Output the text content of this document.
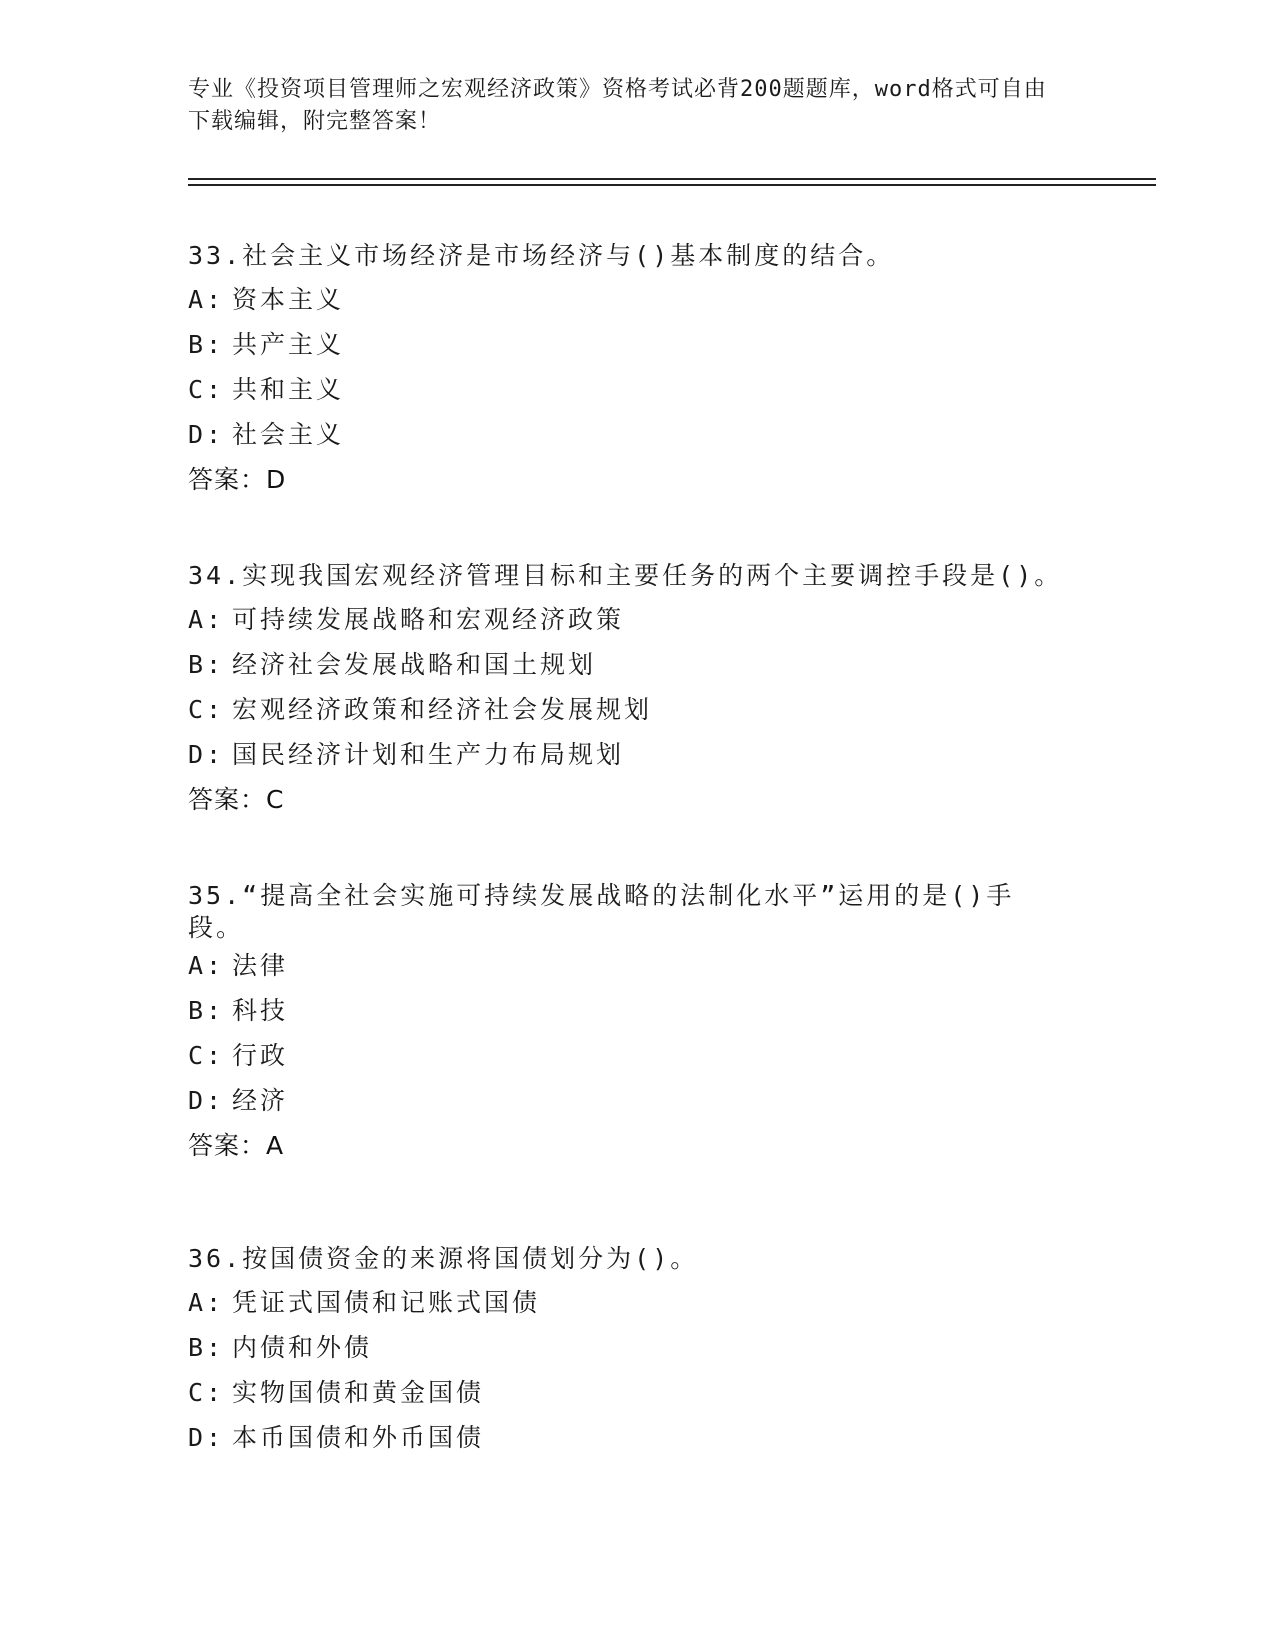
专业《投资项目管理师之宏观经济政策》资格考试必背200题题库，word格式可自由下载编辑，附完整答案！
33.社会主义市场经济是市场经济与()基本制度的结合。
A: 资本主义
B: 共产主义
C: 共和主义
D: 社会主义
答案：D
34.实现我国宏观经济管理目标和主要任务的两个主要调控手段是()。
A: 可持续发展战略和宏观经济政策
B: 经济社会发展战略和国土规划
C: 宏观经济政策和经济社会发展规划
D: 国民经济计划和生产力布局规划
答案：C
35.“提高全社会实施可持续发展战略的法制化水平”运用的是()手段。
A: 法律
B: 科技
C: 行政
D: 经济
答案：A
36.按国债资金的来源将国债划分为()。
A: 凭证式国债和记账式国债
B: 内债和外债
C: 实物国债和黄金国债
D: 本币国债和外币国债
